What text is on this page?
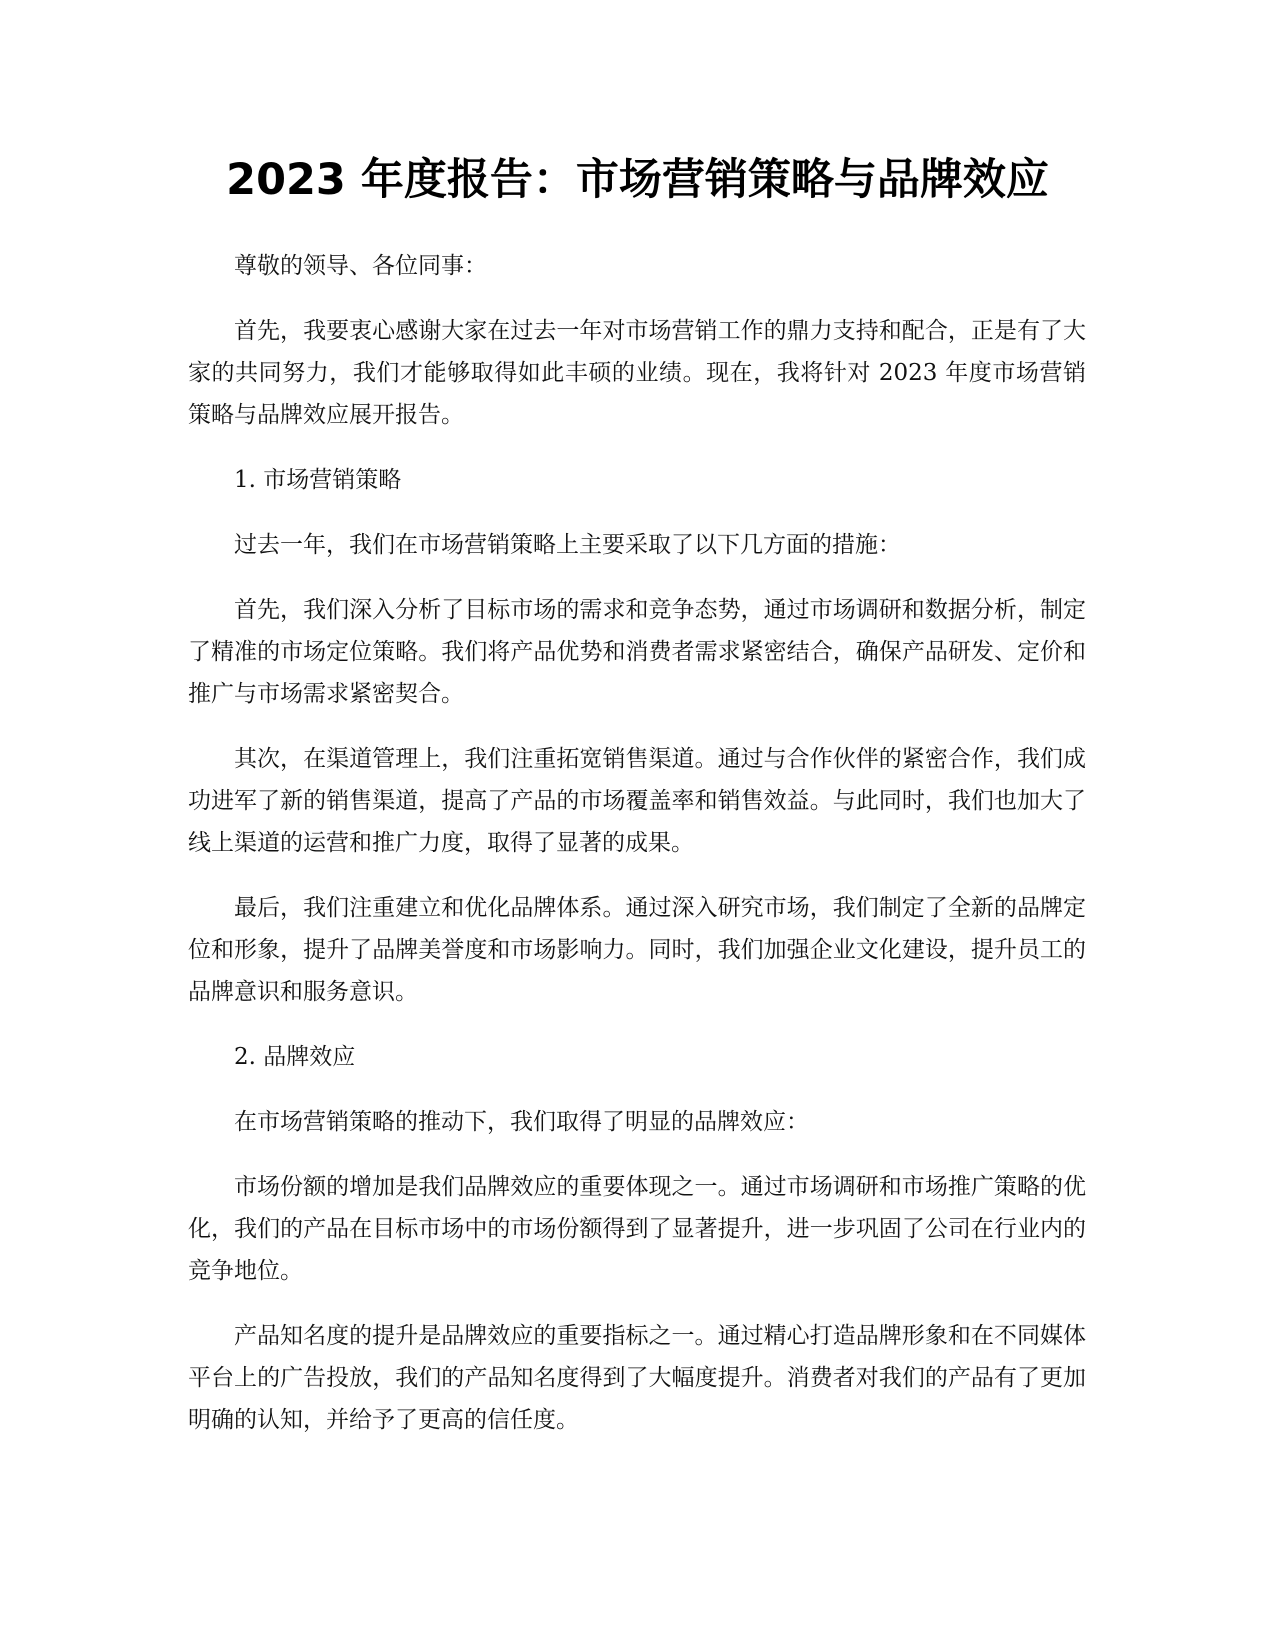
2023 年度报告：市场营销策略与品牌效应

尊敬的领导、各位同事：

首先，我要衷心感谢大家在过去一年对市场营销工作的鼎力支持和配合，正是有了大家的共同努力，我们才能够取得如此丰硕的业绩。现在，我将针对 2023 年度市场营销策略与品牌效应展开报告。

1. 市场营销策略

过去一年，我们在市场营销策略上主要采取了以下几方面的措施：

首先，我们深入分析了目标市场的需求和竞争态势，通过市场调研和数据分析，制定了精准的市场定位策略。我们将产品优势和消费者需求紧密结合，确保产品研发、定价和推广与市场需求紧密契合。

其次，在渠道管理上，我们注重拓宽销售渠道。通过与合作伙伴的紧密合作，我们成功进军了新的销售渠道，提高了产品的市场覆盖率和销售效益。与此同时，我们也加大了线上渠道的运营和推广力度，取得了显著的成果。

最后，我们注重建立和优化品牌体系。通过深入研究市场，我们制定了全新的品牌定位和形象，提升了品牌美誉度和市场影响力。同时，我们加强企业文化建设，提升员工的品牌意识和服务意识。

2. 品牌效应

在市场营销策略的推动下，我们取得了明显的品牌效应：

市场份额的增加是我们品牌效应的重要体现之一。通过市场调研和市场推广策略的优化，我们的产品在目标市场中的市场份额得到了显著提升，进一步巩固了公司在行业内的竞争地位。

产品知名度的提升是品牌效应的重要指标之一。通过精心打造品牌形象和在不同媒体平台上的广告投放，我们的产品知名度得到了大幅度提升。消费者对我们的产品有了更加明确的认知，并给予了更高的信任度。
